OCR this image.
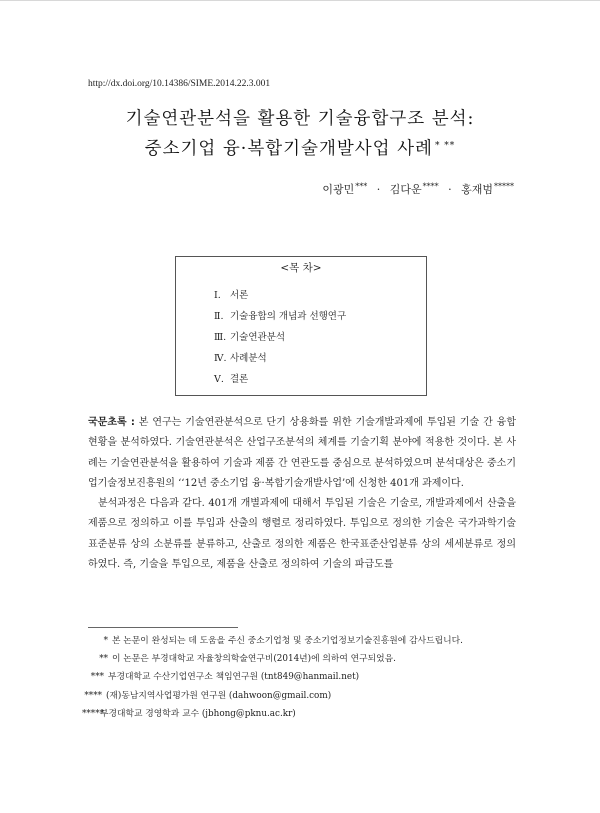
http://dx.doi.org/10.14386/SIME.2014.22.3.001
기술연관분석을 활용한 기술융합구조 분석:
중소기업 융·복합기술개발사업 사례 * **
이광민*** · 김다운**** · 홍재범*****
<목 차>
Ⅰ. 서론
Ⅱ. 기술융합의 개념과 선행연구
Ⅲ. 기술연관분석
Ⅳ. 사례분석
Ⅴ. 결론

국문초록 : 본 연구는 기술연관분석으로 단기 상용화를 위한 기술개발과제에 투입된 기술 간 융합현황을 분석하였다. 기술연관분석은 산업구조분석의 체계를 기술기획 분야에 적용한 것이다. 본 사례는 기술연관분석을 활용하여 기술과 제품 간 연관도를 중심으로 분석하였으며 분석대상은 중소기업기술정보진흥원의 ‘‘12년 중소기업 융·복합기술개발사업’에 신청한 401개 과제이다.

분석과정은 다음과 같다. 401개 개별과제에 대해서 투입된 기술은 기술로, 개발과제에서 산출을 제품으로 정의하고 이를 투입과 산출의 행렬로 정리하였다. 투입으로 정의한 기술은 국가과학기술표준분류 상의 소분류를 분류하고, 산출로 정의한 제품은 한국표준산업분류 상의 세세분류로 정의하였다. 즉, 기술을 투입으로, 제품을 산출로 정의하여 기술의 파급도를

* 본 논문이 완성되는 데 도움을 주신 중소기업청 및 중소기업정보기술진흥원에 감사드립니다.
** 이 논문은 부경대학교 자율창의학술연구비(2014년)에 의하여 연구되었음.
*** 부경대학교 수산기업연구소 책임연구원 (tnt849@hanmail.net)
**** (재)동남지역사업평가원 연구원 (dahwoon@gmail.com)
*****부경대학교 경영학과 교수 (jbhong@pknu.ac.kr)
